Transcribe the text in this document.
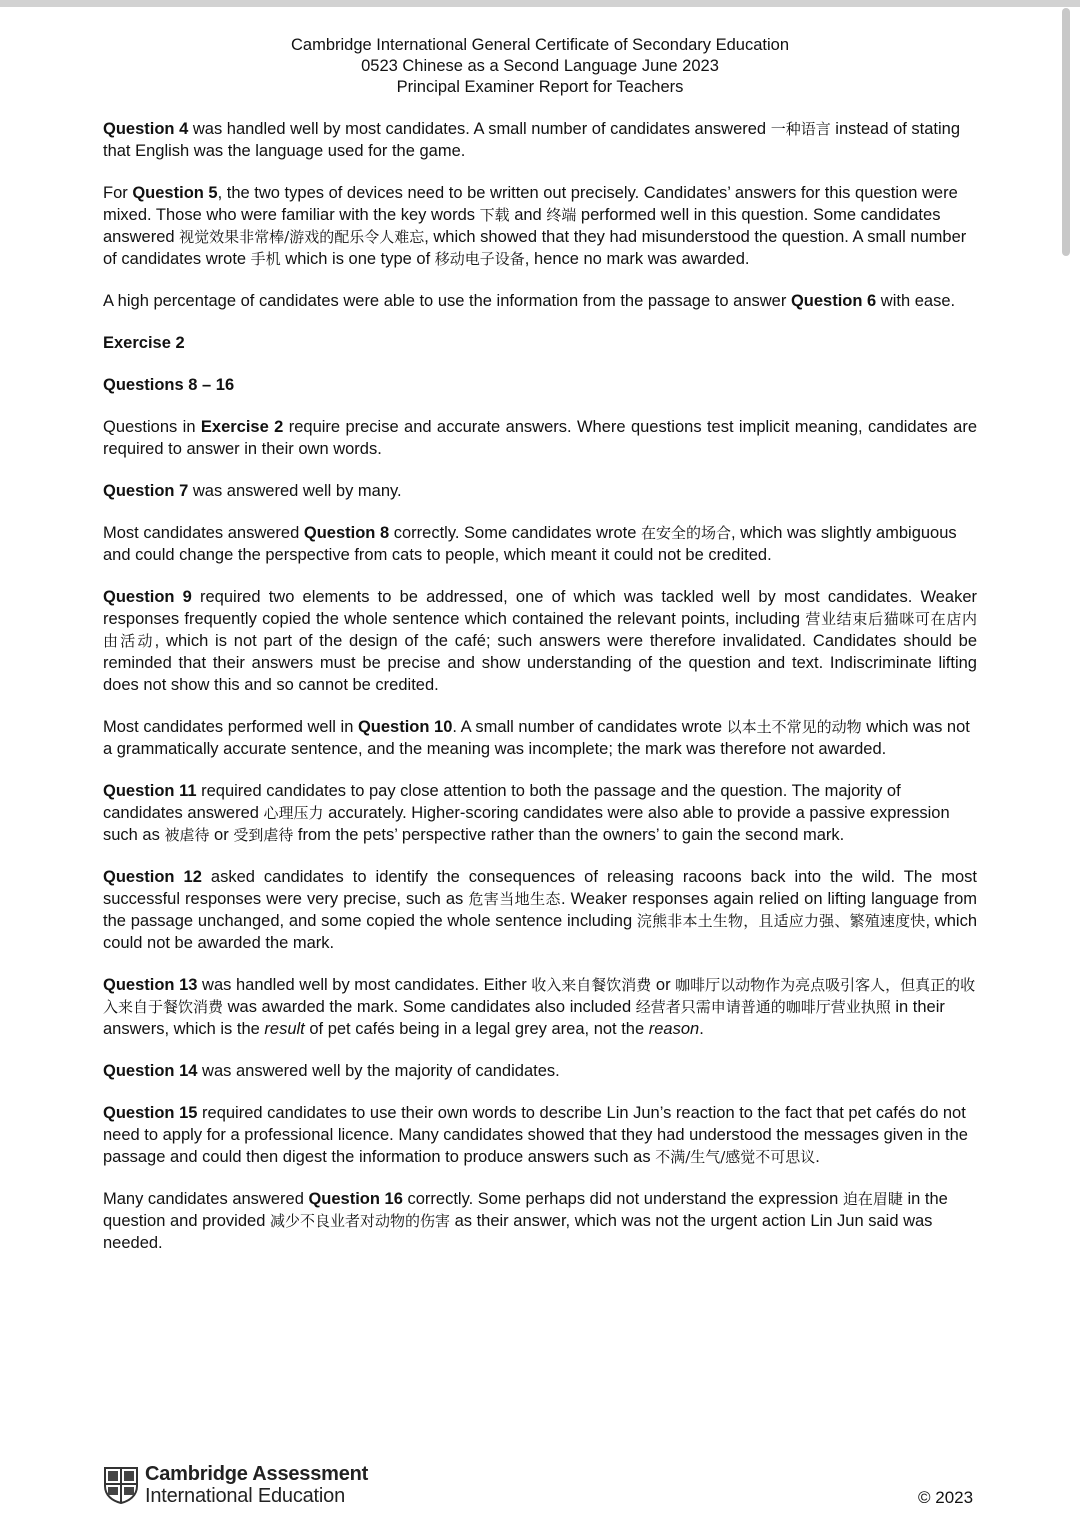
Cambridge International General Certificate of Secondary Education
0523 Chinese as a Second Language June 2023
Principal Examiner Report for Teachers

Question 4 was handled well by most candidates. A small number of candidates answered 一种语言 instead of stating that English was the language used for the game.

For Question 5, the two types of devices need to be written out precisely. Candidates’ answers for this question were mixed. Those who were familiar with the key words 下载 and 终端 performed well in this question. Some candidates answered 视觉效果非常棒/游戏的配乐令人难忘, which showed that they had misunderstood the question. A small number of candidates wrote 手机 which is one type of 移动电子设备, hence no mark was awarded.

A high percentage of candidates were able to use the information from the passage to answer Question 6 with ease.

Exercise 2
Questions 8 – 16

Questions in Exercise 2 require precise and accurate answers. Where questions test implicit meaning, candidates are required to answer in their own words.

Question 7 was answered well by many.

Most candidates answered Question 8 correctly. Some candidates wrote 在安全的场合, which was slightly ambiguous and could change the perspective from cats to people, which meant it could not be credited.

Question 9 required two elements to be addressed, one of which was tackled well by most candidates. Weaker responses frequently copied the whole sentence which contained the relevant points, including 营业结束后猫咪可在店内由活动, which is not part of the design of the café; such answers were therefore invalidated. Candidates should be reminded that their answers must be precise and show understanding of the question and text. Indiscriminate lifting does not show this and so cannot be credited.

Most candidates performed well in Question 10. A small number of candidates wrote 以本土不常见的动物 which was not a grammatically accurate sentence, and the meaning was incomplete; the mark was therefore not awarded.

Question 11 required candidates to pay close attention to both the passage and the question. The majority of candidates answered 心理压力 accurately. Higher-scoring candidates were also able to provide a passive expression such as 被虐待 or 受到虐待 from the pets’ perspective rather than the owners’ to gain the second mark.

Question 12 asked candidates to identify the consequences of releasing racoons back into the wild. The most successful responses were very precise, such as 危害当地生态. Weaker responses again relied on lifting language from the passage unchanged, and some copied the whole sentence including 浣熊非本土生物，且适应力强、繁殖速度快, which could not be awarded the mark.

Question 13 was handled well by most candidates. Either 收入来自餐饮消费 or 咖啡厅以动物作为亮点吸引客人，但真正的收入来自于餐饮消费 was awarded the mark. Some candidates also included 经营者只需申请普通的咖啡厅营业执照 in their answers, which is the result of pet cafés being in a legal grey area, not the reason.

Question 14 was answered well by the majority of candidates.

Question 15 required candidates to use their own words to describe Lin Jun’s reaction to the fact that pet cafés do not need to apply for a professional licence. Many candidates showed that they had understood the messages given in the passage and could then digest the information to produce answers such as 不满/生气/感觉不可思议.

Many candidates answered Question 16 correctly. Some perhaps did not understand the expression 迫在眉睫 in the question and provided 减少不良业者对动物的伤害 as their answer, which was not the urgent action Lin Jun said was needed.

Cambridge Assessment
International Education	© 2023
